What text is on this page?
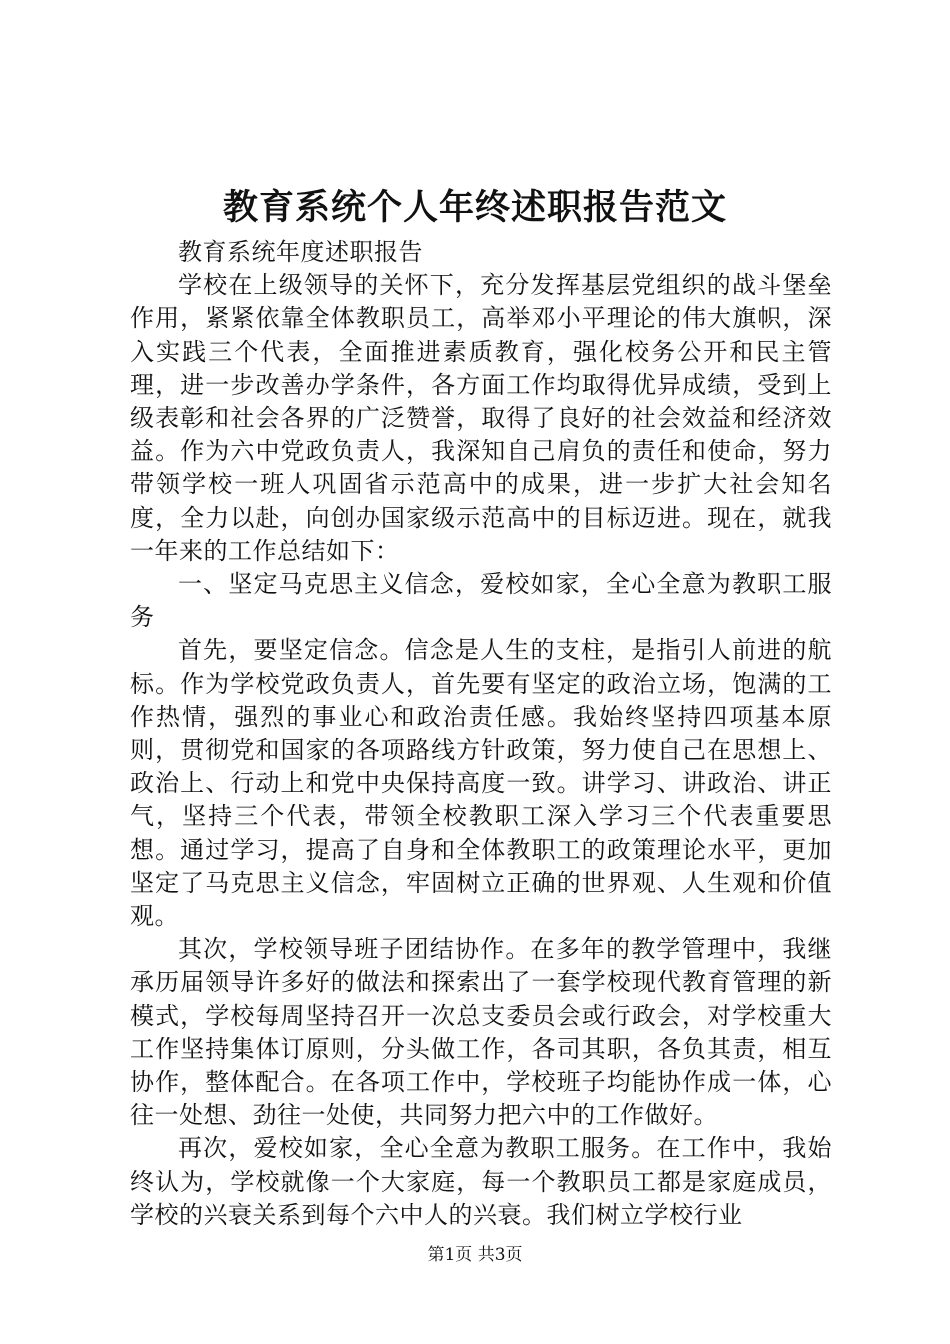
教育系统个人年终述职报告范文

教育系统年度述职报告

学校在上级领导的关怀下，充分发挥基层党组织的战斗堡垒作用，紧紧依靠全体教职员工，高举邓小平理论的伟大旗帜，深入实践三个代表，全面推进素质教育，强化校务公开和民主管理，进一步改善办学条件，各方面工作均取得优异成绩，受到上级表彰和社会各界的广泛赞誉，取得了良好的社会效益和经济效益。作为六中党政负责人，我深知自己肩负的责任和使命，努力带领学校一班人巩固省示范高中的成果，进一步扩大社会知名度，全力以赴，向创办国家级示范高中的目标迈进。现在，就我一年来的工作总结如下：

一、坚定马克思主义信念，爱校如家，全心全意为教职工服务

首先，要坚定信念。信念是人生的支柱，是指引人前进的航标。作为学校党政负责人，首先要有坚定的政治立场，饱满的工作热情，强烈的事业心和政治责任感。我始终坚持四项基本原则，贯彻党和国家的各项路线方针政策，努力使自己在思想上、政治上、行动上和党中央保持高度一致。讲学习、讲政治、讲正气，坚持三个代表，带领全校教职工深入学习三个代表重要思想。通过学习，提高了自身和全体教职工的政策理论水平，更加坚定了马克思主义信念，牢固树立正确的世界观、人生观和价值观。

其次，学校领导班子团结协作。在多年的教学管理中，我继承历届领导许多好的做法和探索出了一套学校现代教育管理的新模式，学校每周坚持召开一次总支委员会或行政会，对学校重大工作坚持集体订原则，分头做工作，各司其职，各负其责，相互协作，整体配合。在各项工作中，学校班子均能协作成一体，心往一处想、劲往一处使，共同努力把六中的工作做好。

再次，爱校如家，全心全意为教职工服务。在工作中，我始终认为，学校就像一个大家庭，每一个教职员工都是家庭成员，学校的兴衰关系到每个六中人的兴衰。我们树立学校行业

第1页 共3页
